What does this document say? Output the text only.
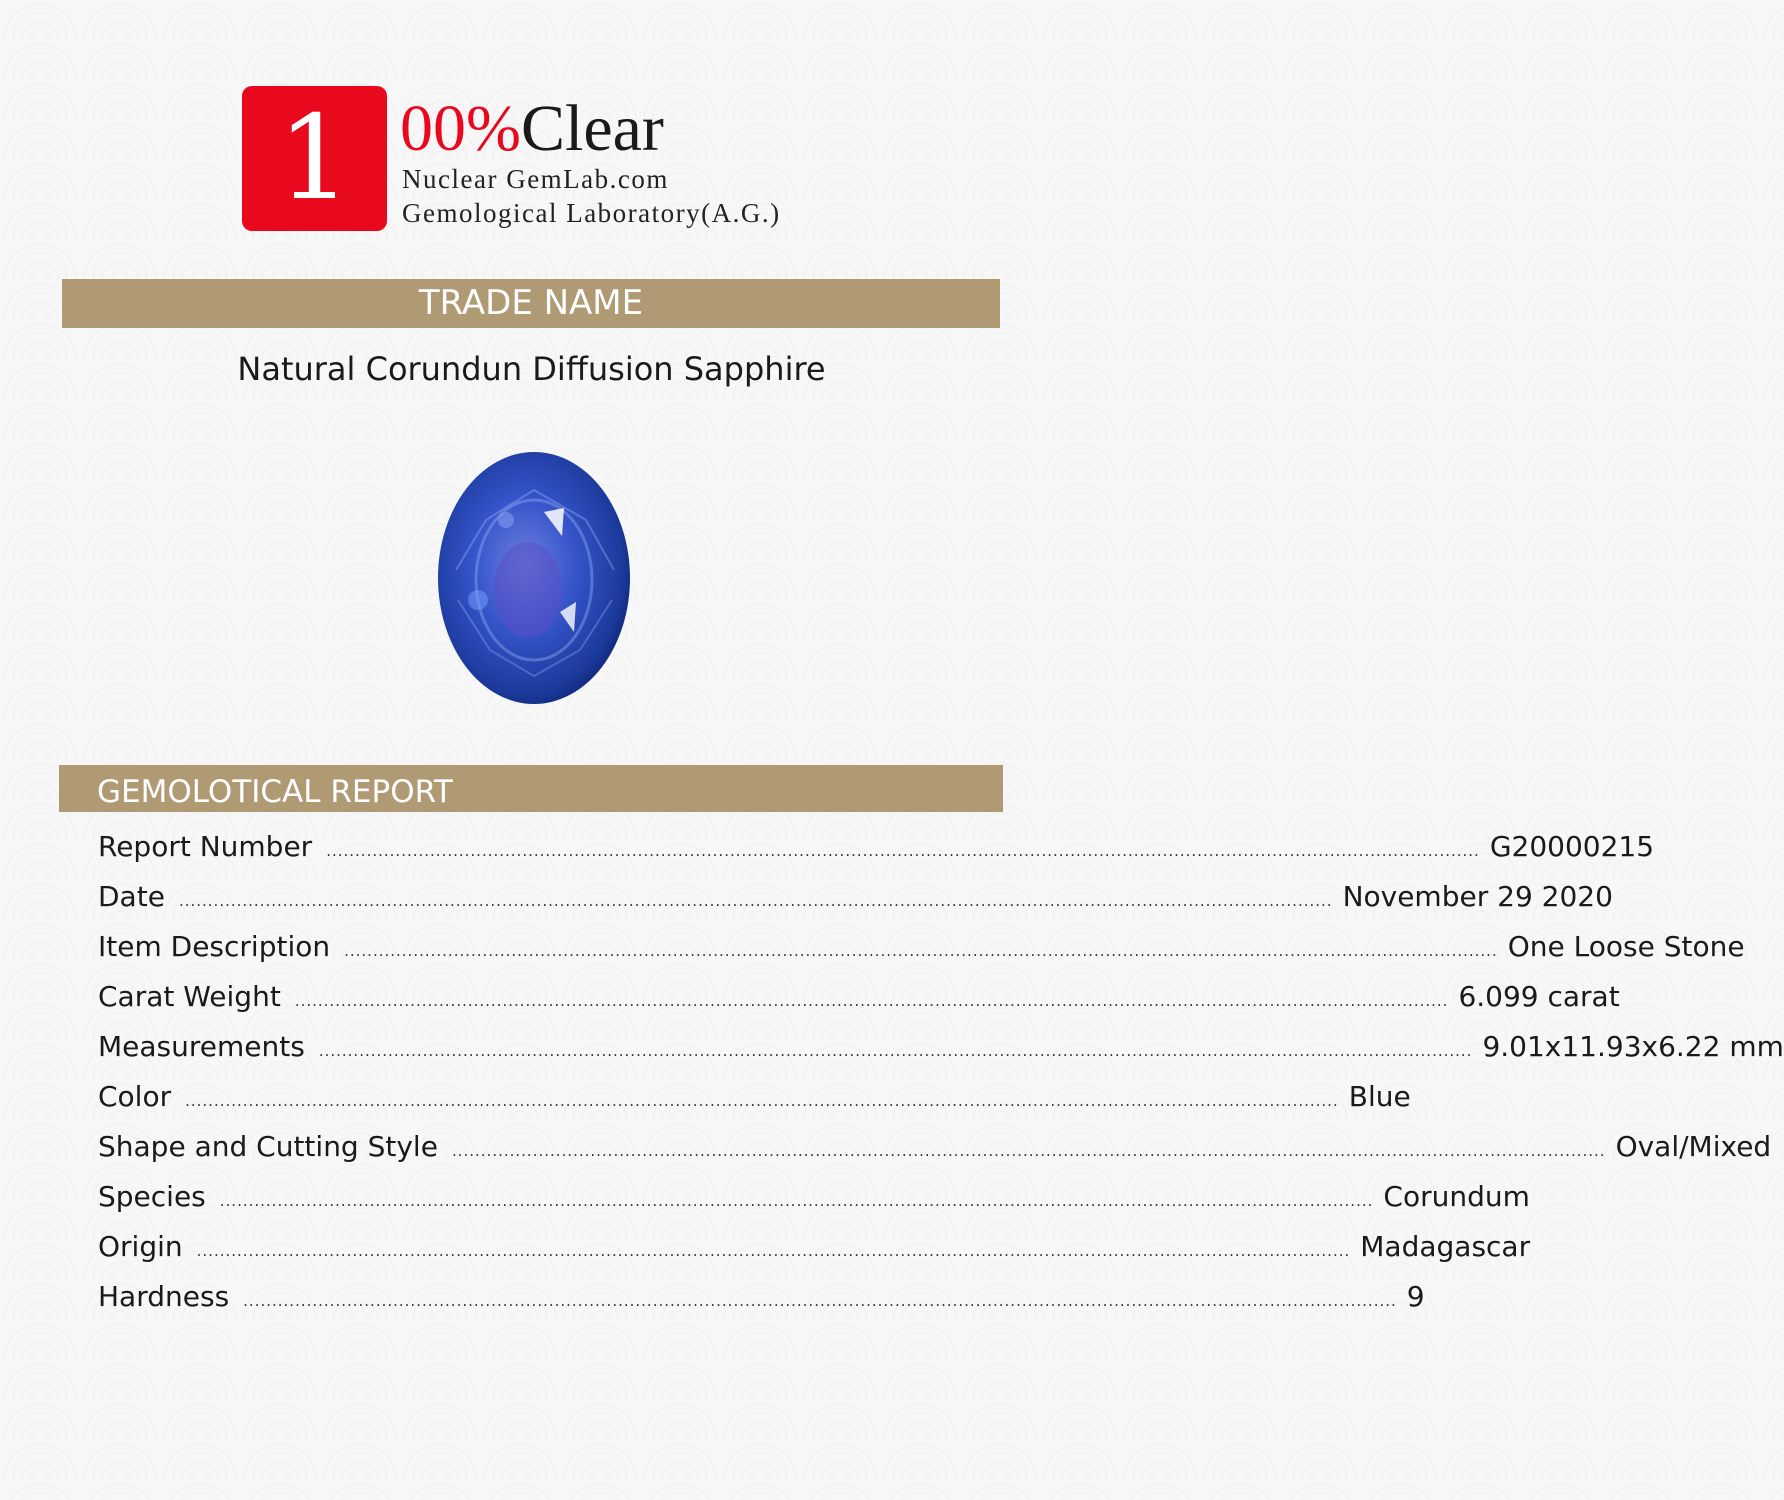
1 00%Clear
Nuclear GemLab.com
Gemological Laboratory(A.G.)
TRADE NAME
Natural Corundun Diffusion Sapphire
GEMOLOTICAL REPORT
Report Number ........................................................................................................................................................................................................ G20000215
Date ........................................................................................................................................................................................................ November 29 2020
Item Description ........................................................................................................................................................................................................ One Loose Stone
Carat Weight ........................................................................................................................................................................................................ 6.099 carat
Measurements ........................................................................................................................................................................................................ 9.01x11.93x6.22 mm
Color ........................................................................................................................................................................................................ Blue
Shape and Cutting Style ........................................................................................................................................................................................................ Oval/Mixed
Species ........................................................................................................................................................................................................ Corundum
Origin ........................................................................................................................................................................................................ Madagascar
Hardness ........................................................................................................................................................................................................ 9
